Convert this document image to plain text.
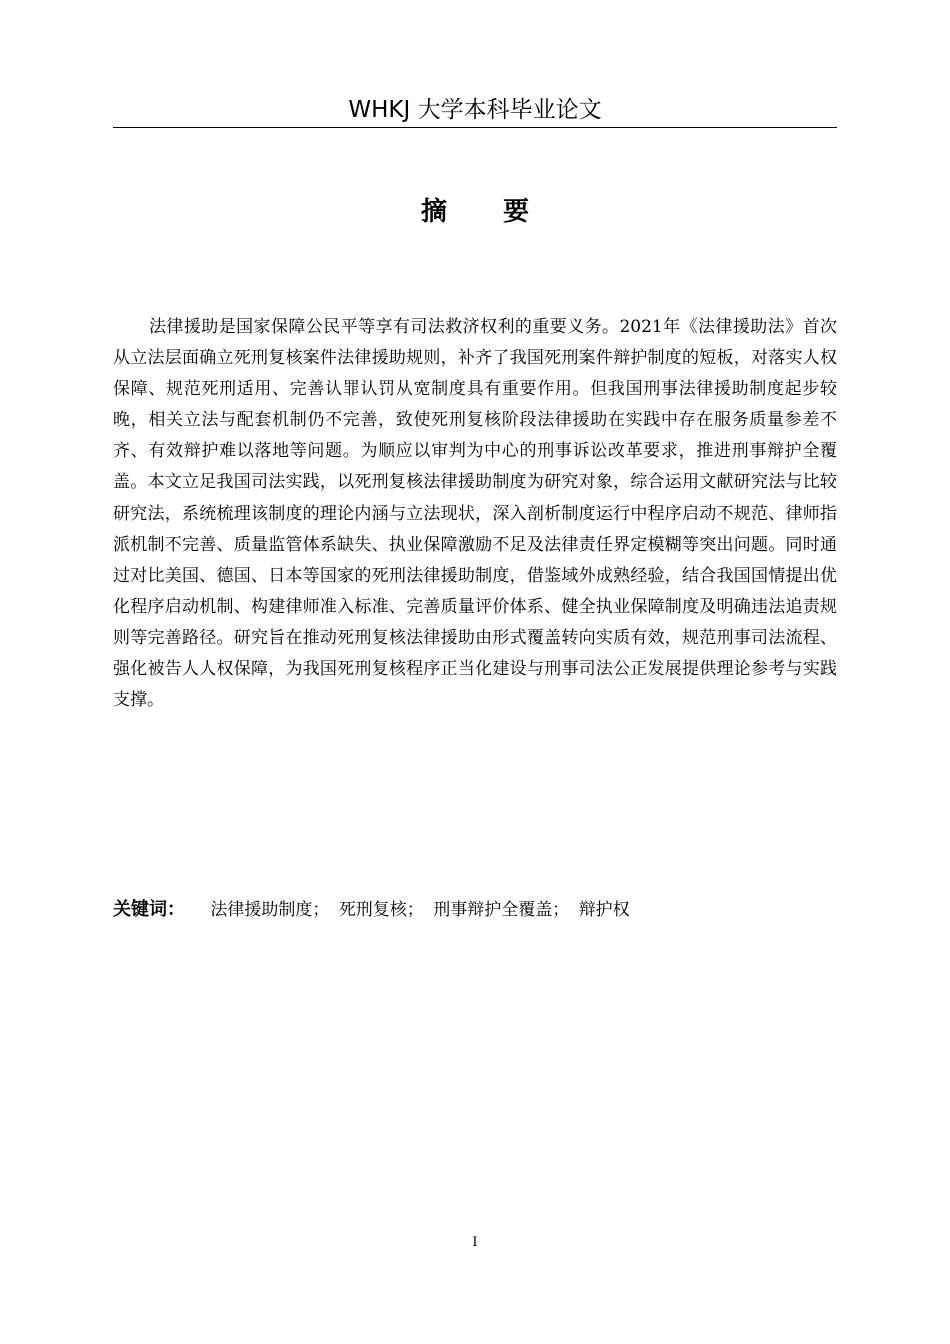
WHKJ 大学本科毕业论文
摘 要

法律援助是国家保障公民平等享有司法救济权利的重要义务。2021年《法律援助法》首次从立法层面确立死刑复核案件法律援助规则，补齐了我国死刑案件辩护制度的短板，对落实人权保障、规范死刑适用、完善认罪认罚从宽制度具有重要作用。但我国刑事法律援助制度起步较晚，相关立法与配套机制仍不完善，致使死刑复核阶段法律援助在实践中存在服务质量参差不齐、有效辩护难以落地等问题。为顺应以审判为中心的刑事诉讼改革要求，推进刑事辩护全覆盖。本文立足我国司法实践，以死刑复核法律援助制度为研究对象，综合运用文献研究法与比较研究法，系统梳理该制度的理论内涵与立法现状，深入剖析制度运行中程序启动不规范、律师指派机制不完善、质量监管体系缺失、执业保障激励不足及法律责任界定模糊等突出问题。同时通过对比美国、德国、日本等国家的死刑法律援助制度，借鉴域外成熟经验，结合我国国情提出优化程序启动机制、构建律师准入标准、完善质量评价体系、健全执业保障制度及明确违法追责规则等完善路径。研究旨在推动死刑复核法律援助由形式覆盖转向实质有效，规范刑事司法流程、强化被告人人权保障，为我国死刑复核程序正当化建设与刑事司法公正发展提供理论参考与实践支撑。

关键词： 法律援助制度； 死刑复核； 刑事辩护全覆盖； 辩护权
I
